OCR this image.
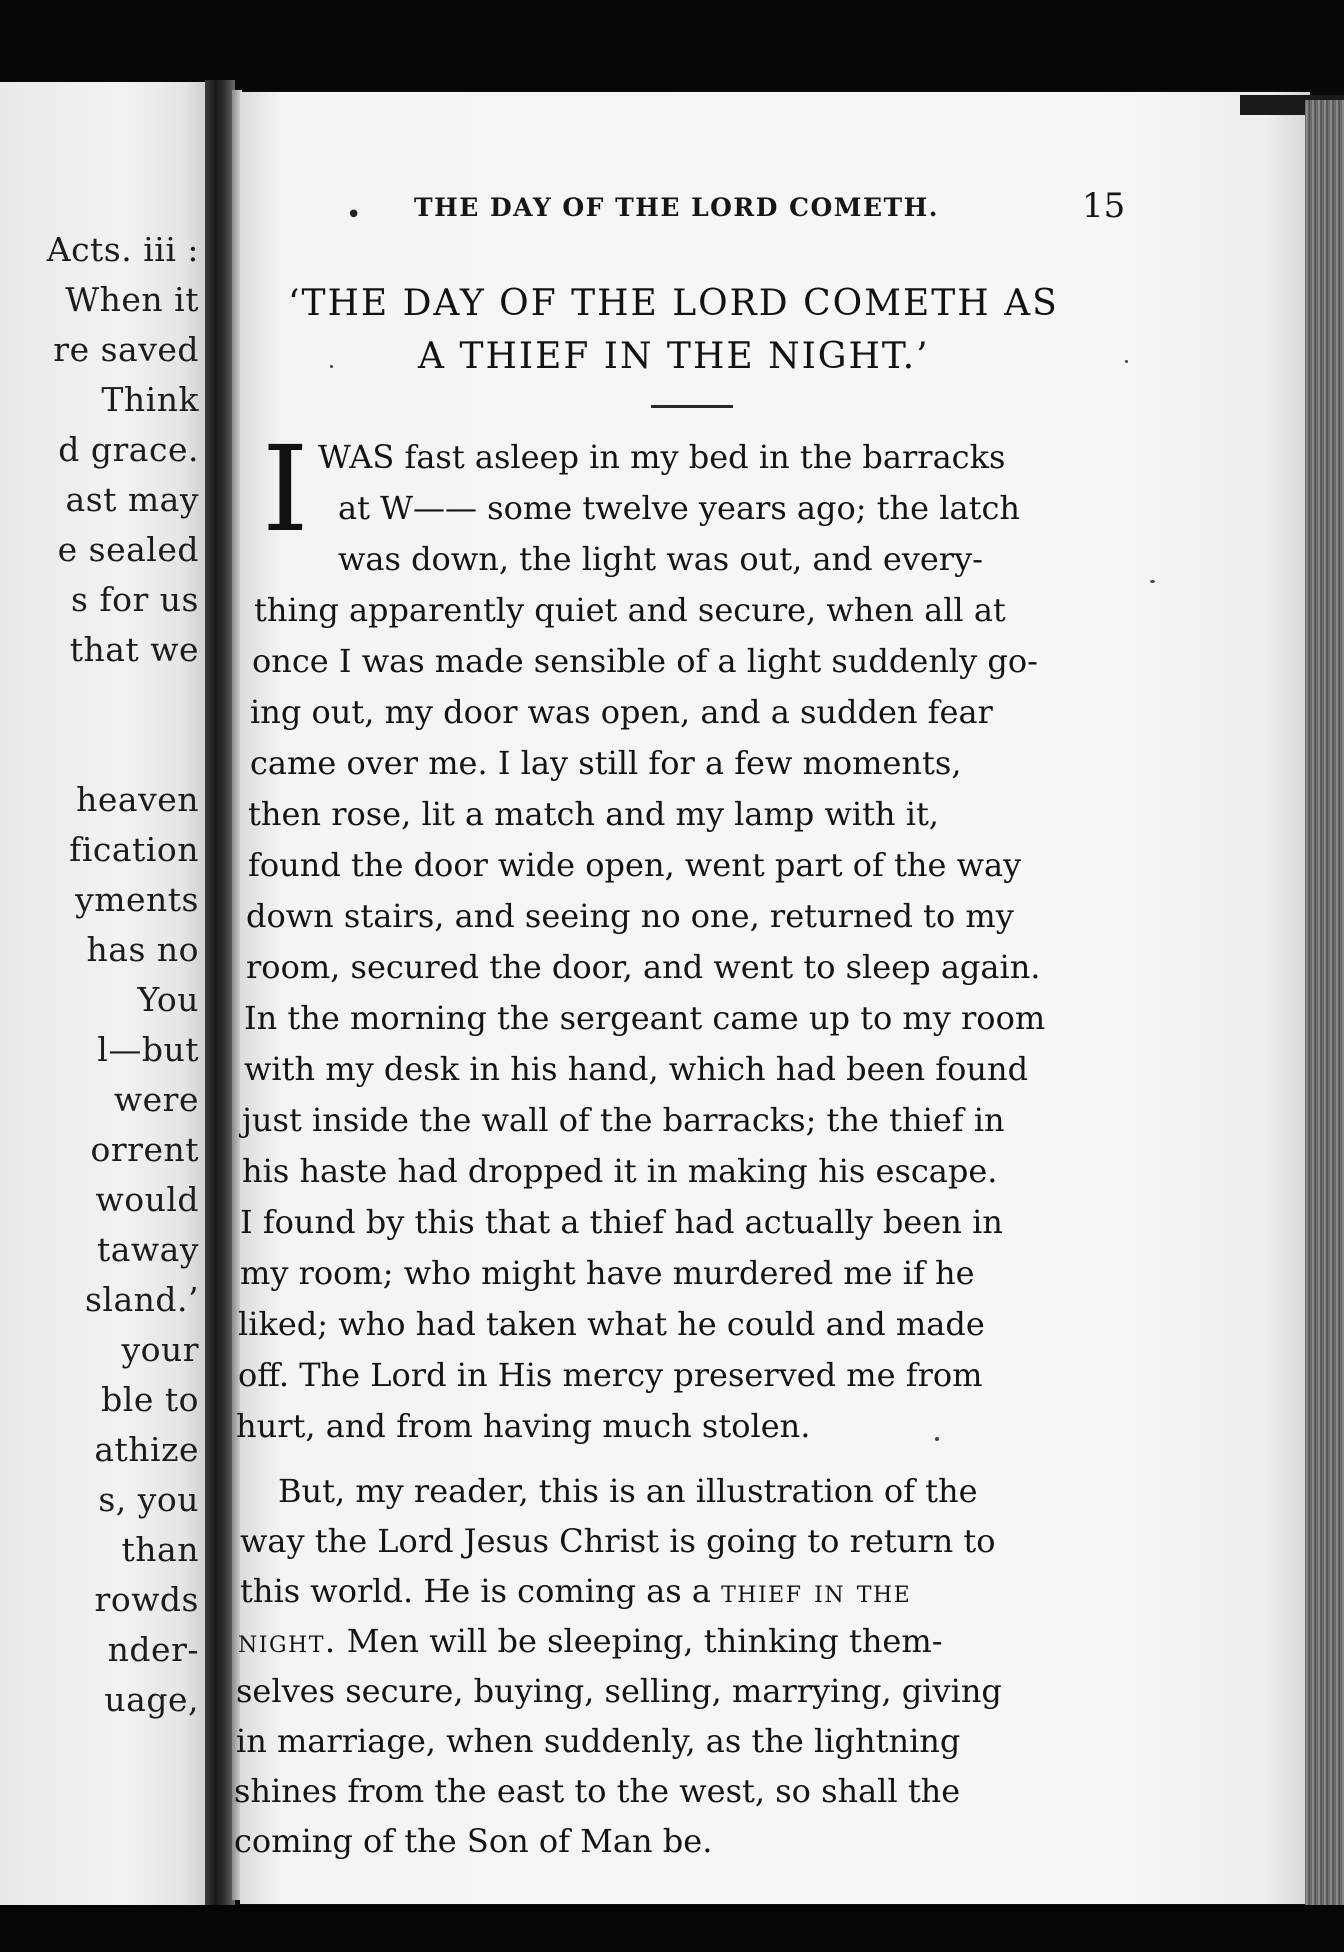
Acts. iii :
When it
re saved
Think
d grace.
ast may
e sealed
s for us
that we
heaven
fication
yments
has no
You
l—but
were
orrent
would
taway
sland.’
your
ble to
athize
s, you
than
rowds
nder-
uage,
• THE DAY OF THE LORD COMETH.	15
‘THE DAY OF THE LORD COMETH AS
A THIEF IN THE NIGHT.’
I WAS fast asleep in my bed in the barracks
at W—— some twelve years ago; the latch
was down, the light was out, and every-
thing apparently quiet and secure, when all at
once I was made sensible of a light suddenly go-
ing out, my door was open, and a sudden fear
came over me. I lay still for a few moments,
then rose, lit a match and my lamp with it,
found the door wide open, went part of the way
down stairs, and seeing no one, returned to my
room, secured the door, and went to sleep again.
In the morning the sergeant came up to my room
with my desk in his hand, which had been found
just inside the wall of the barracks; the thief in
his haste had dropped it in making his escape.
I found by this that a thief had actually been in
my room; who might have murdered me if he
liked; who had taken what he could and made
off. The Lord in His mercy preserved me from
hurt, and from having much stolen.
But, my reader, this is an illustration of the
way the Lord Jesus Christ is going to return to
this world. He is coming as a thief in the
night. Men will be sleeping, thinking them-
selves secure, buying, selling, marrying, giving
in marriage, when suddenly, as the lightning
shines from the east to the west, so shall the
coming of the Son of Man be.
